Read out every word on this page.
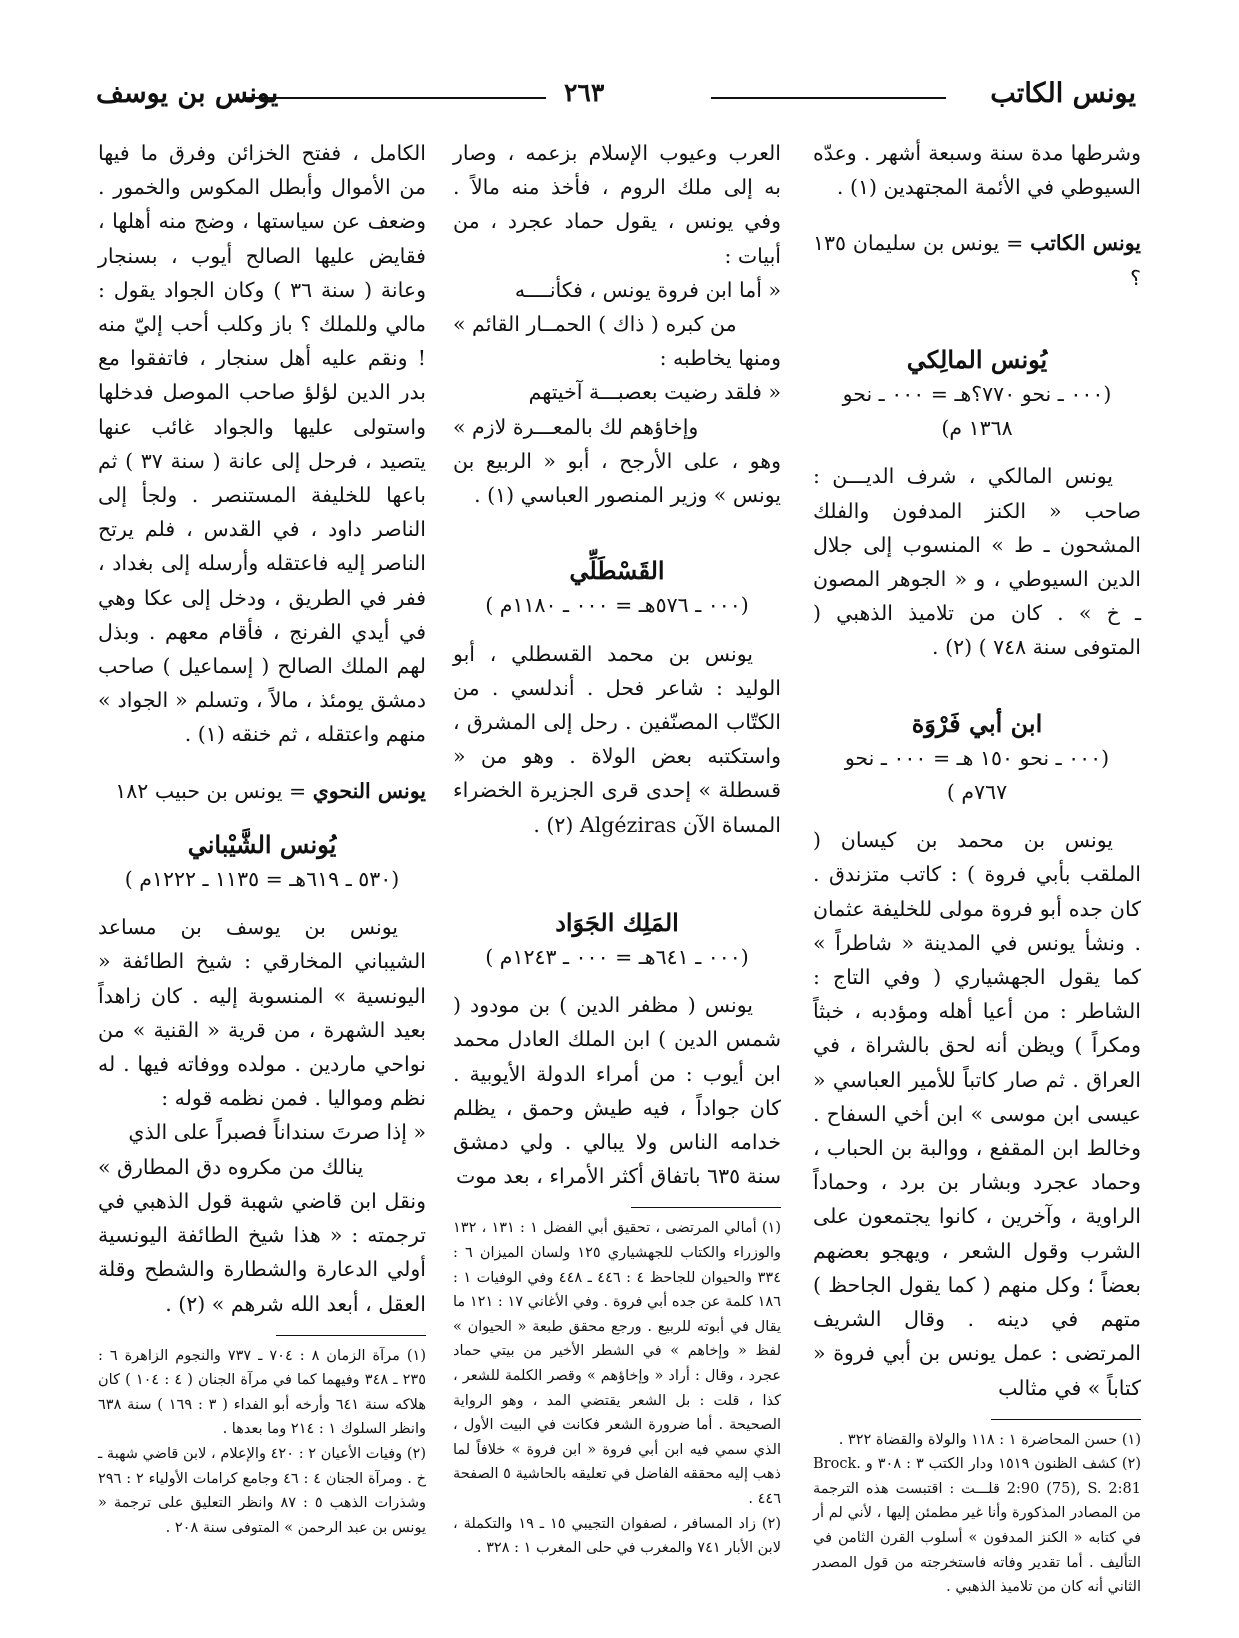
يونس الكاتب
٢٦٣
يونس بن يوسف

وشرطها مدة سنة وسبعة أشهر . وعدّه السيوطي في الأئمة المجتهدين (١) .

يونس الكاتب = يونس بن سليمان ١٣٥ ؟

يُونس المالِكي
(٠٠٠ ـ نحو ٧٧٠؟هـ = ٠٠٠ ـ نحو
١٣٦٨ م)

يونس المالكي ، شرف الديـــن : صاحب « الكنز المدفون والفلك المشحون ـ ط » المنسوب إلى جلال الدين السيوطي ، و « الجوهر المصون ـ خ » . كان من تلاميذ الذهبي ( المتوفى سنة ٧٤٨ ) (٢) .

ابن أبي فَرْوَة
(٠٠٠ ـ نحو ١٥٠ هـ = ٠٠٠ ـ نحو
٧٦٧م )

يونس بن محمد بن كيسان ( الملقب بأبي فروة ) : كاتب متزندق . كان جده أبو فروة مولى للخليفة عثمان . ونشأ يونس في المدينة « شاطراً » كما يقول الجهشياري ( وفي التاج : الشاطر : من أعيا أهله ومؤدبه ، خبثاً ومكراً ) ويظن أنه لحق بالشراة ، في العراق . ثم صار كاتباً للأمير العباسي « عيسى ابن موسى » ابن أخي السفاح . وخالط ابن المقفع ، ووالبة بن الحباب ، وحماد عجرد وبشار بن برد ، وحماداً الراوية ، وآخرين ، كانوا يجتمعون على الشرب وقول الشعر ، ويهجو بعضهم بعضاً ؛ وكل منهم ( كما يقول الجاحظ ) متهم في دينه . وقال الشريف المرتضى : عمل يونس بن أبي فروة « كتاباً » في مثالب

(١) حسن المحاضرة ١ : ١١٨ والولاة والقضاة ٣٢٢ .

(٢) كشف الظنون ١٥١٩ ودار الكتب ٣ : ٣٠٨ و Brock. 2:90 (75), S. 2:81 قلـــت : اقتبست هذه الترجمة من المصادر المذكورة وأنا غير مطمئن إليها ، لأني لم أر في كتابه « الكنز المدفون » أسلوب القرن الثامن في التأليف . أما تقدير وفاته فاستخرجته من قول المصدر الثاني أنه كان من تلاميذ الذهبي .

العرب وعيوب الإسلام بزعمه ، وصار به إلى ملك الروم ، فأخذ منه مالاً . وفي يونس ، يقول حماد عجرد ، من أبيات :

« أما ابن فروة يونس ، فكأنــــه

من كبره ( ذاك ) الحمــار القائم »

ومنها يخاطبه :

« فلقد رضيت بعصبـــة آخيتهم

وإخاؤهم لك بالمعـــرة لازم »

وهو ، على الأرجح ، أبو « الربيع بن يونس » وزير المنصور العباسي (١) .

القَسْطَلِّي
(٠٠٠ ـ ٥٧٦هـ = ٠٠٠ ـ ١١٨٠م )

يونس بن محمد القسطلي ، أبو الوليد : شاعر فحل . أندلسي . من الكتّاب المصنّفين . رحل إلى المشرق ، واستكتبه بعض الولاة . وهو من « قسطلة » إحدى قرى الجزيرة الخضراء المساة الآن Algéziras (٢) .

المَلِك الجَوَاد
(٠٠٠ ـ ٦٤١هـ = ٠٠٠ ـ ١٢٤٣م )

يونس ( مظفر الدين ) بن مودود ( شمس الدين ) ابن الملك العادل محمد ابن أيوب : من أمراء الدولة الأيوبية . كان جواداً ، فيه طيش وحمق ، يظلم خدامه الناس ولا يبالي . ولي دمشق سنة ٦٣٥ باتفاق أكثر الأمراء ، بعد موت

(١) أمالي المرتضى ، تحقيق أبي الفضل ١ : ١٣١ ، ١٣٢ والوزراء والكتاب للجهشياري ١٢٥ ولسان الميزان ٦ : ٣٣٤ والحيوان للجاحظ ٤ : ٤٤٦ ـ ٤٤٨ وفي الوفيات ١ : ١٨٦ كلمة عن جده أبي فروة . وفي الأغاني ١٧ : ١٢١ ما يقال في أبوته للربيع . ورجع محقق طبعة « الحيوان » لفظ « وإخاهم » في الشطر الأخير من بيتي حماد عجرد ، وقال : أراد « وإخاؤهم » وقصر الكلمة للشعر ، كذا ، قلت : بل الشعر يقتضي المد ، وهو الرواية الصحيحة . أما ضرورة الشعر فكانت في البيت الأول ، الذي سمي فيه ابن أبي فروة « ابن فروة » خلافاً لما ذهب إليه محققه الفاضل في تعليقه بالحاشية ٥ الصفحة ٤٤٦ .

(٢) زاد المسافر ، لصفوان التجيبي ١٥ ـ ١٩ والتكملة ، لابن الأبار ٧٤١ والمغرب في حلى المغرب ١ : ٣٢٨ .

الكامل ، ففتح الخزائن وفرق ما فيها من الأموال وأبطل المكوس والخمور . وضعف عن سياستها ، وضج منه أهلها ، فقايض عليها الصالح أيوب ، بسنجار وعانة ( سنة ٣٦ ) وكان الجواد يقول : مالي وللملك ؟ باز وكلب أحب إليّ منه ! ونقم عليه أهل سنجار ، فاتفقوا مع بدر الدين لؤلؤ صاحب الموصل فدخلها واستولى عليها والجواد غائب عنها يتصيد ، فرحل إلى عانة ( سنة ٣٧ ) ثم باعها للخليفة المستنصر . ولجأ إلى الناصر داود ، في القدس ، فلم يرتح الناصر إليه فاعتقله وأرسله إلى بغداد ، ففر في الطريق ، ودخل إلى عكا وهي في أيدي الفرنج ، فأقام معهم . وبذل لهم الملك الصالح ( إسماعيل ) صاحب دمشق يومئذ ، مالاً ، وتسلم « الجواد » منهم واعتقله ، ثم خنقه (١) .

يونس النحوي = يونس بن حبيب ١٨٢

يُونس الشَّيْباني
(٥٣٠ ـ ٦١٩هـ = ١١٣٥ ـ ١٢٢٢م )

يونس بن يوسف بن مساعد الشيباني المخارقي : شيخ الطائفة « اليونسية » المنسوبة إليه . كان زاهداً بعيد الشهرة ، من قرية « القنية » من نواحي ماردين . مولده ووفاته فيها . له نظم ومواليا . فمن نظمه قوله :

« إذا صرتَ سنداناً فصبراً على الذي

ينالك من مكروه دق المطارق »

ونقل ابن قاضي شهبة قول الذهبي في ترجمته : « هذا شيخ الطائفة اليونسية أولي الدعارة والشطارة والشطح وقلة العقل ، أبعد الله شرهم » (٢) .

(١) مرآة الزمان ٨ : ٧٠٤ ـ ٧٣٧ والنجوم الزاهرة ٦ : ٢٣٥ ـ ٣٤٨ وفيهما كما في مرآة الجنان ( ٤ : ١٠٤ ) كان هلاكه سنة ٦٤١ وأرخه أبو الفداء ( ٣ : ١٦٩ ) سنة ٦٣٨ وانظر السلوك ١ : ٢١٤ وما بعدها .

(٢) وفيات الأعيان ٢ : ٤٢٠ والإعلام ، لابن قاضي شهبة ـ خ . ومرآة الجنان ٤ : ٤٦ وجامع كرامات الأولياء ٢ : ٢٩٦ وشذرات الذهب ٥ : ٨٧ وانظر التعليق على ترجمة « يونس بن عبد الرحمن » المتوفى سنة ٢٠٨ .
